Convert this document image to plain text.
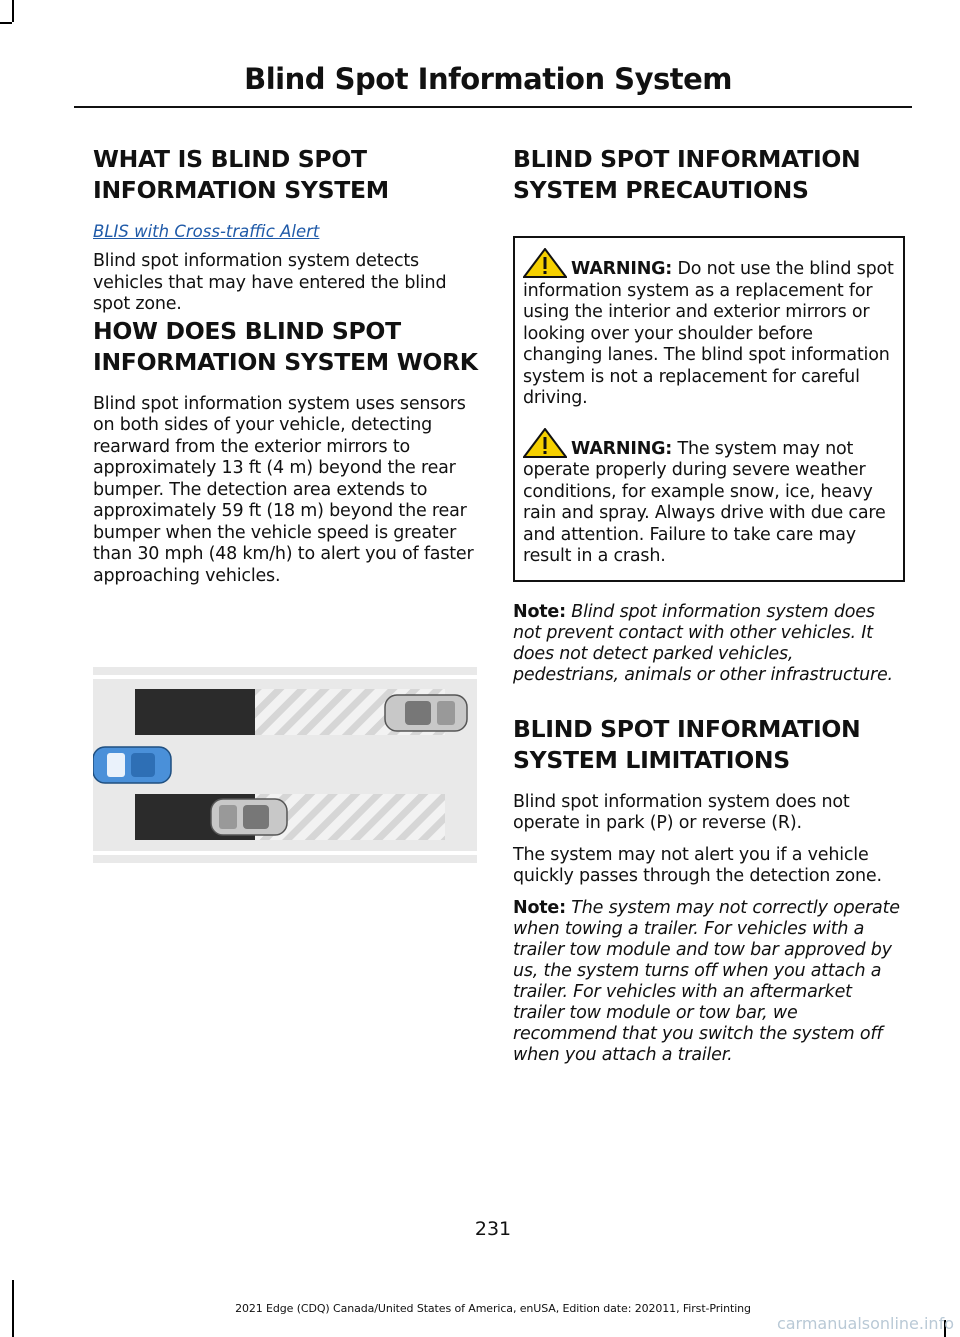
Blind Spot Information System
WHAT IS BLIND SPOT
INFORMATION SYSTEM
BLIS with Cross-traffic Alert

Blind spot information system detects vehicles that may have entered the blind spot zone.

HOW DOES BLIND SPOT
INFORMATION SYSTEM WORK

Blind spot information system uses sensors on both sides of your vehicle, detecting rearward from the exterior mirrors to approximately 13 ft (4 m) beyond the rear bumper. The detection area extends to approximately 59 ft (18 m) beyond the rear bumper when the vehicle speed is greater than 30 mph (48 km/h) to alert you of faster approaching vehicles.

BLIND SPOT INFORMATION
SYSTEM PRECAUTIONS
WARNING: Do not use the blind spot information system as a replacement for using the interior and exterior mirrors or looking over your shoulder before changing lanes. The blind spot information system is not a replacement for careful driving.
WARNING: The system may not operate properly during severe weather conditions, for example snow, ice, heavy rain and spray. Always drive with due care and attention. Failure to take care may result in a crash.
Note: Blind spot information system does not prevent contact with other vehicles. It does not detect parked vehicles, pedestrians, animals or other infrastructure.
BLIND SPOT INFORMATION
SYSTEM LIMITATIONS

Blind spot information system does not operate in park (P) or reverse (R).

The system may not alert you if a vehicle quickly passes through the detection zone.

Note: The system may not correctly operate when towing a trailer. For vehicles with a trailer tow module and tow bar approved by us, the system turns off when you attach a trailer. For vehicles with an aftermarket trailer tow module or tow bar, we recommend that you switch the system off when you attach a trailer.
231
2021 Edge (CDQ) Canada/United States of America, enUSA, Edition date: 202011, First-Printing
carmanualsonline.info
